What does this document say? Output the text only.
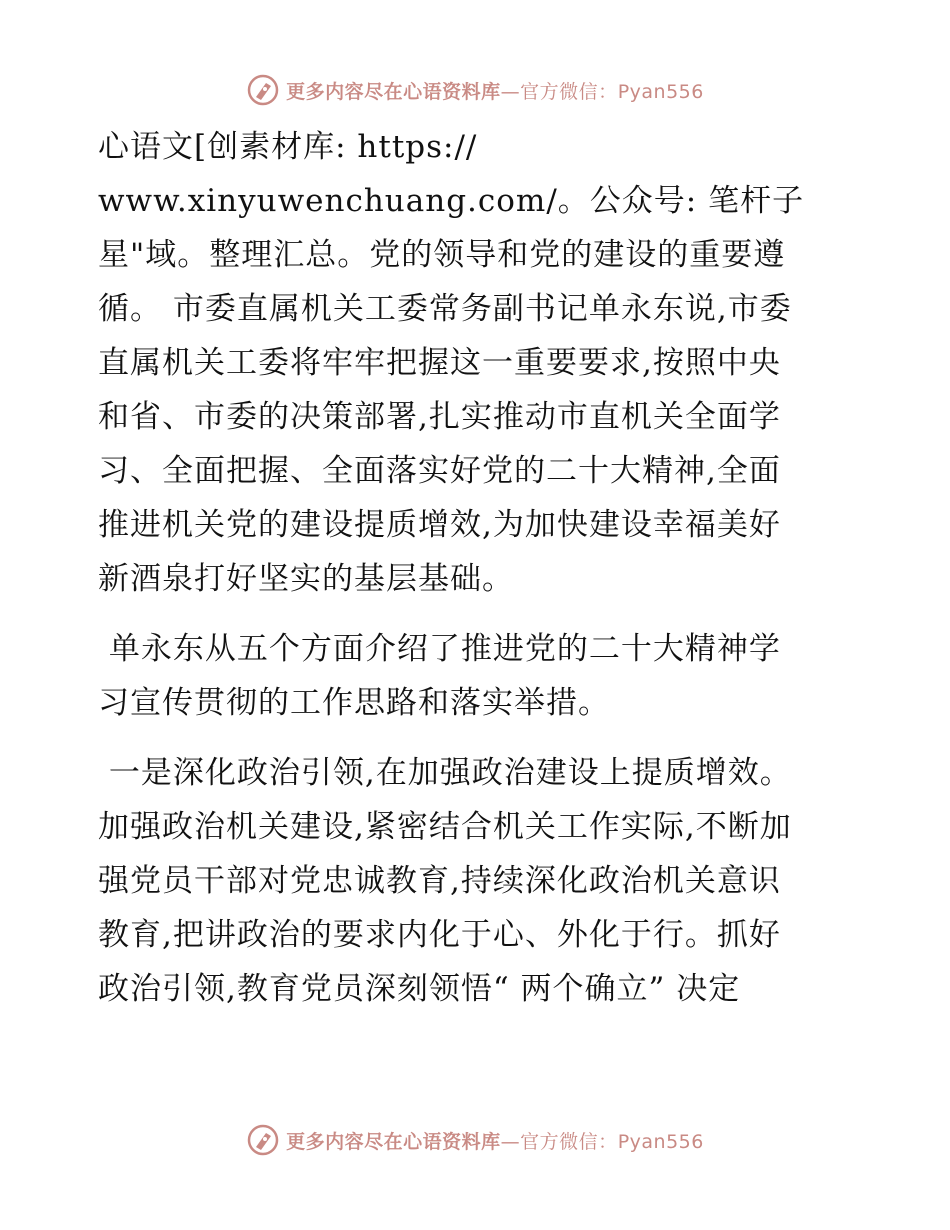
更多内容尽在心语资料库—官方微信：Pyan556
心语文[创素材库: https://
www.xinyuwenchuang.com/。公众号: 笔杆子
星"域。整理汇总。党的领导和党的建设的重要遵
循。 市委直属机关工委常务副书记单永东说,市委
直属机关工委将牢牢把握这一重要要求,按照中央
和省、市委的决策部署,扎实推动市直机关全面学
习、全面把握、全面落实好党的二十大精神,全面
推进机关党的建设提质增效,为加快建设幸福美好
新酒泉打好坚实的基层基础。
单永东从五个方面介绍了推进党的二十大精神学
习宣传贯彻的工作思路和落实举措。
一是深化政治引领,在加强政治建设上提质增效。
加强政治机关建设,紧密结合机关工作实际,不断加
强党员干部对党忠诚教育,持续深化政治机关意识
教育,把讲政治的要求内化于心、外化于行。抓好
政治引领,教育党员深刻领悟“ 两个确立” 决定
更多内容尽在心语资料库—官方微信：Pyan556
